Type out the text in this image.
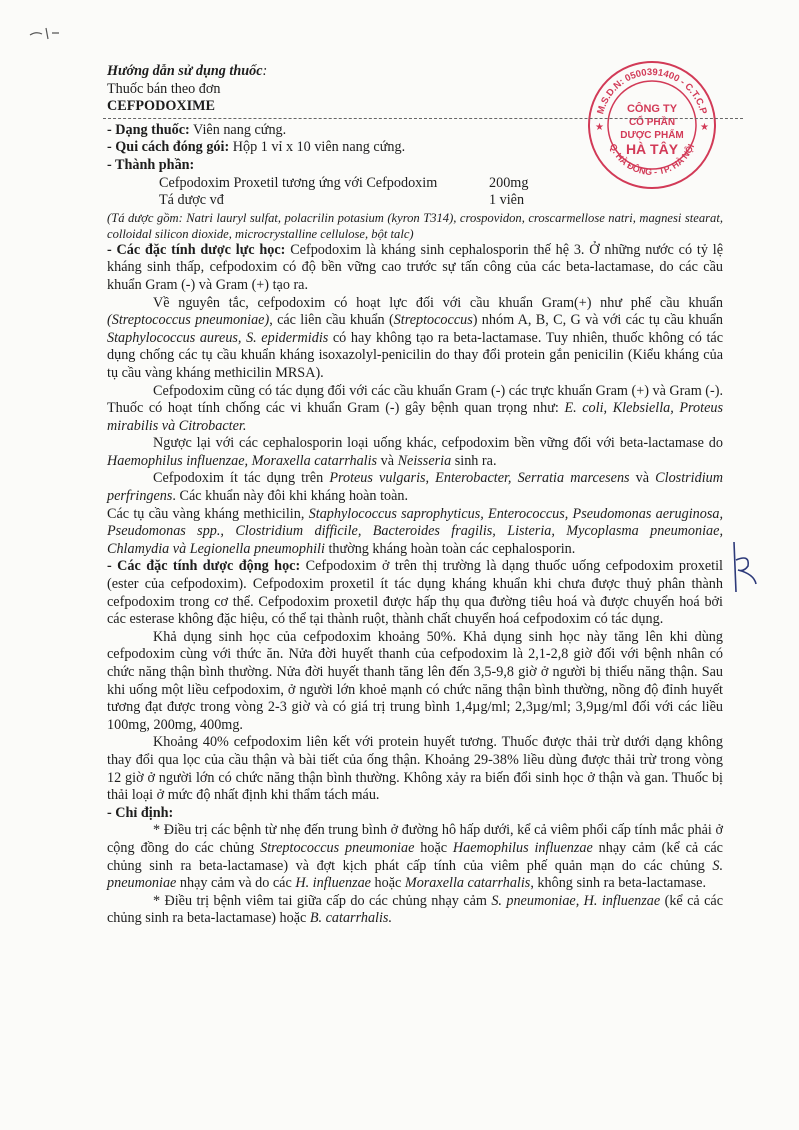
M.S.D.N: 0500391400 - C.T.C.P
Q. HÀ ĐÔNG - TP. HÀ NỘI
CÔNG TY
CỔ PHẦN
DƯỢC PHẨM
HÀ TÂY
★	★

Hướng dẫn sử dụng thuốc:

Thuốc bán theo đơn

CEFPODOXIME

- Dạng thuốc: Viên nang cứng.

- Qui cách đóng gói: Hộp 1 vỉ x 10 viên nang cứng.

- Thành phần:

Cefpodoxim Proxetil tương ứng với Cefpodoxim	200mg
Tá dược vđ	1 viên

(Tá dược gồm: Natri lauryl sulfat, polacrilin potasium (kyron T314), crospovidon, croscarmellose natri, magnesi stearat, colloidal silicon dioxide, microcrystalline cellulose, bột talc)

- Các đặc tính dược lực học: Cefpodoxim là kháng sinh cephalosporin thế hệ 3. Ở những nước có tỷ lệ kháng sinh thấp, cefpodoxim có độ bền vững cao trước sự tấn công của các beta-lactamase, do các cầu khuẩn Gram (-) và Gram (+) tạo ra.

Về nguyên tắc, cefpodoxim có hoạt lực đối với cầu khuẩn Gram(+) như phế cầu khuẩn (Streptococcus pneumoniae), các liên cầu khuẩn (Streptococcus) nhóm A, B, C, G và với các tụ cầu khuẩn Staphylococcus aureus, S. epidermidis có hay không tạo ra beta-lactamase. Tuy nhiên, thuốc không có tác dụng chống các tụ cầu khuẩn kháng isoxazolyl-penicilin do thay đổi protein gắn penicilin (Kiểu kháng của tụ cầu vàng kháng methicilin MRSA).

Cefpodoxim cũng có tác dụng đối với các cầu khuẩn Gram (-) các trực khuẩn Gram (+) và Gram (-). Thuốc có hoạt tính chống các vi khuẩn Gram (-) gây bệnh quan trọng như: E. coli, Klebsiella, Proteus mirabilis và Citrobacter.

Ngược lại với các cephalosporin loại uống khác, cefpodoxim bền vững đối với beta-lactamase do Haemophilus influenzae, Moraxella catarrhalis và Neisseria sinh ra.

Cefpodoxim ít tác dụng trên Proteus vulgaris, Enterobacter, Serratia marcesens và Clostridium perfringens. Các khuẩn này đôi khi kháng hoàn toàn.

Các tụ cầu vàng kháng methicilin, Staphylococcus saprophyticus, Enterococcus, Pseudomonas aeruginosa, Pseudomonas spp., Clostridium difficile, Bacteroides fragilis, Listeria, Mycoplasma pneumoniae, Chlamydia và Legionella pneumophili thường kháng hoàn toàn các cephalosporin.

- Các đặc tính dược động học: Cefpodoxim ở trên thị trường là dạng thuốc uống cefpodoxim proxetil (ester của cefpodoxim). Cefpodoxim proxetil ít tác dụng kháng khuẩn khi chưa được thuỷ phân thành cefpodoxim trong cơ thể. Cefpodoxim proxetil được hấp thụ qua đường tiêu hoá và được chuyển hoá bởi các esterase không đặc hiệu, có thể tại thành ruột, thành chất chuyển hoá cefpodoxim có tác dụng.

Khả dụng sinh học của cefpodoxim khoảng 50%. Khả dụng sinh học này tăng lên khi dùng cefpodoxim cùng với thức ăn. Nửa đời huyết thanh của cefpodoxim là 2,1-2,8 giờ đối với bệnh nhân có chức năng thận bình thường. Nửa đời huyết thanh tăng lên đến 3,5-9,8 giờ ở người bị thiểu năng thận. Sau khi uống một liều cefpodoxim, ở người lớn khoẻ mạnh có chức năng thận bình thường, nồng độ đỉnh huyết tương đạt được trong vòng 2-3 giờ và có giá trị trung bình 1,4µg/ml; 2,3µg/ml; 3,9µg/ml đối với các liều 100mg, 200mg, 400mg.

Khoảng 40% cefpodoxim liên kết với protein huyết tương. Thuốc được thải trừ dưới dạng không thay đổi qua lọc của cầu thận và bài tiết của ống thận. Khoảng 29-38% liều dùng được thải trừ trong vòng 12 giờ ở người lớn có chức năng thận bình thường. Không xảy ra biến đổi sinh học ở thận và gan. Thuốc bị thải loại ở mức độ nhất định khi thẩm tách máu.

- Chỉ định:

* Điều trị các bệnh từ nhẹ đến trung bình ở đường hô hấp dưới, kể cả viêm phổi cấp tính mắc phải ở cộng đồng do các chủng Streptococcus pneumoniae hoặc Haemophilus influenzae nhạy cảm (kể cả các chủng sinh ra beta-lactamase) và đợt kịch phát cấp tính của viêm phế quản mạn do các chủng S. pneumoniae nhạy cảm và do các H. influenzae hoặc Moraxella catarrhalis, không sinh ra beta-lactamase.

* Điều trị bệnh viêm tai giữa cấp do các chủng nhạy cảm S. pneumoniae, H. influenzae (kể cả các chủng sinh ra beta-lactamase) hoặc B. catarrhalis.
